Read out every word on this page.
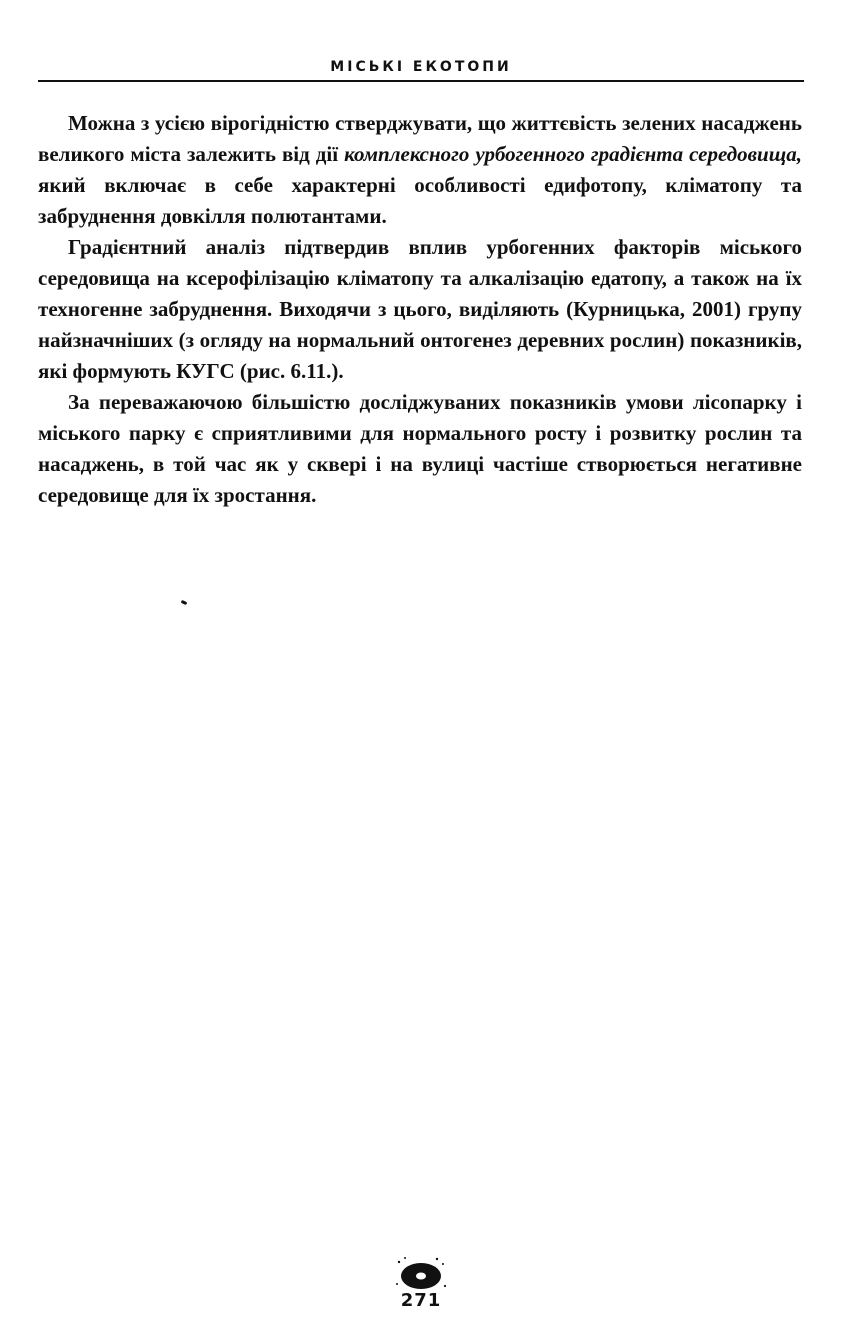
МІСЬКІ ЕКОТОПИ

Можна з усією вірогідністю стверджувати, що життєвість зелених насаджень великого міста залежить від дії комплексного урбогенного градієнта середовища, який включає в себе характерні особливості едифотопу, кліматопу та забруднення довкілля полютантами.

Градієнтний аналіз підтвердив вплив урбогенних факторів міського середовища на ксерофілізацію кліматопу та алкалізацію едатопу, а також на їх техногенне забруднення. Виходячи з цього, виділяють (Курницька, 2001) групу найзначніших (з огляду на нормальний онтогенез деревних рослин) показників, які формують КУГС (рис. 6.11.).

За переважаючою більшістю досліджуваних показників умови лісопарку і міського парку є сприятливими для нормального росту і розвитку рослин та насаджень, в той час як у сквері і на вулиці частіше створюється негативне середовище для їх зростання.

271
